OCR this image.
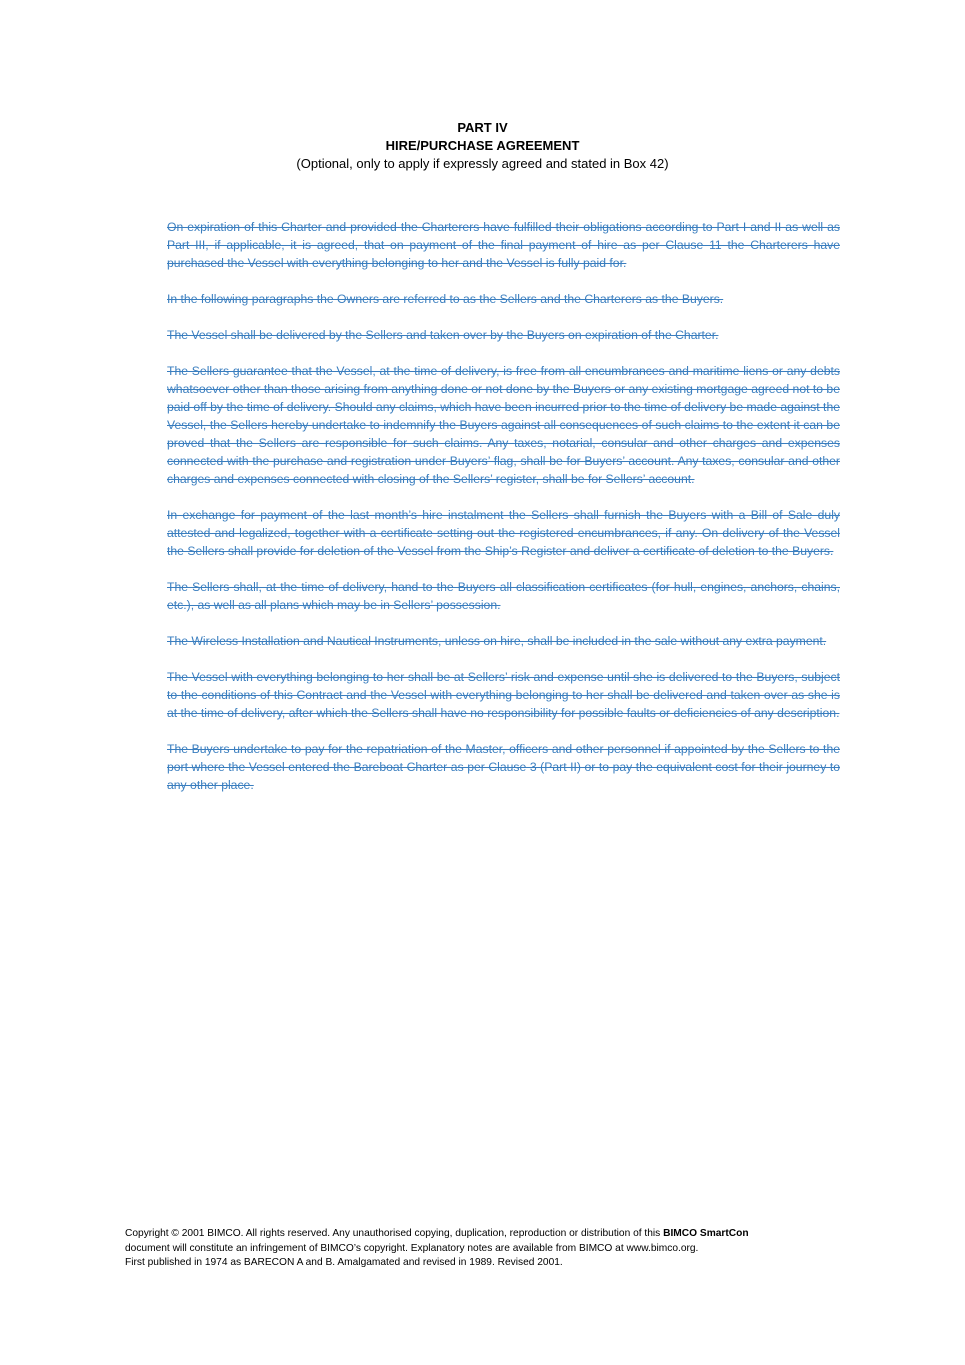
PART IV
HIRE/PURCHASE AGREEMENT
(Optional, only to apply if expressly agreed and stated in Box 42)

On expiration of this Charter and provided the Charterers have fulfilled their obligations according to Part I and II as well as Part III, if applicable, it is agreed, that on payment of the final payment of hire as per Clause 11 the Charterers have purchased the Vessel with everything belonging to her and the Vessel is fully paid for.

In the following paragraphs the Owners are referred to as the Sellers and the Charterers as the Buyers.

The Vessel shall be delivered by the Sellers and taken over by the Buyers on expiration of the Charter.

The Sellers guarantee that the Vessel, at the time of delivery, is free from all encumbrances and maritime liens or any debts whatsoever other than those arising from anything done or not done by the Buyers or any existing mortgage agreed not to be paid off by the time of delivery. Should any claims, which have been incurred prior to the time of delivery be made against the Vessel, the Sellers hereby undertake to indemnify the Buyers against all consequences of such claims to the extent it can be proved that the Sellers are responsible for such claims. Any taxes, notarial, consular and other charges and expenses connected with the purchase and registration under Buyers’ flag, shall be for Buyers’ account. Any taxes, consular and other charges and expenses connected with closing of the Sellers’ register, shall be for Sellers’ account.

In exchange for payment of the last month’s hire instalment the Sellers shall furnish the Buyers with a Bill of Sale duly attested and legalized, together with a certificate setting out the registered encumbrances, if any. On delivery of the Vessel the Sellers shall provide for deletion of the Vessel from the Ship’s Register and deliver a certificate of deletion to the Buyers.

The Sellers shall, at the time of delivery, hand to the Buyers all classification certificates (for hull, engines, anchors, chains, etc.), as well as all plans which may be in Sellers’ possession.

The Wireless Installation and Nautical Instruments, unless on hire, shall be included in the sale without any extra payment.

The Vessel with everything belonging to her shall be at Sellers’ risk and expense until she is delivered to the Buyers, subject to the conditions of this Contract and the Vessel with everything belonging to her shall be delivered and taken over as she is at the time of delivery, after which the Sellers shall have no responsibility for possible faults or deficiencies of any description.

The Buyers undertake to pay for the repatriation of the Master, officers and other personnel if appointed by the Sellers to the port where the Vessel entered the Bareboat Charter as per Clause 3 (Part II) or to pay the equivalent cost for their journey to any other place.

Copyright © 2001 BIMCO. All rights reserved. Any unauthorised copying, duplication, reproduction or distribution of this BIMCO SmartCon
document will constitute an infringement of BIMCO’s copyright. Explanatory notes are available from BIMCO at www.bimco.org.
First published in 1974 as BARECON A and B. Amalgamated and revised in 1989. Revised 2001.
